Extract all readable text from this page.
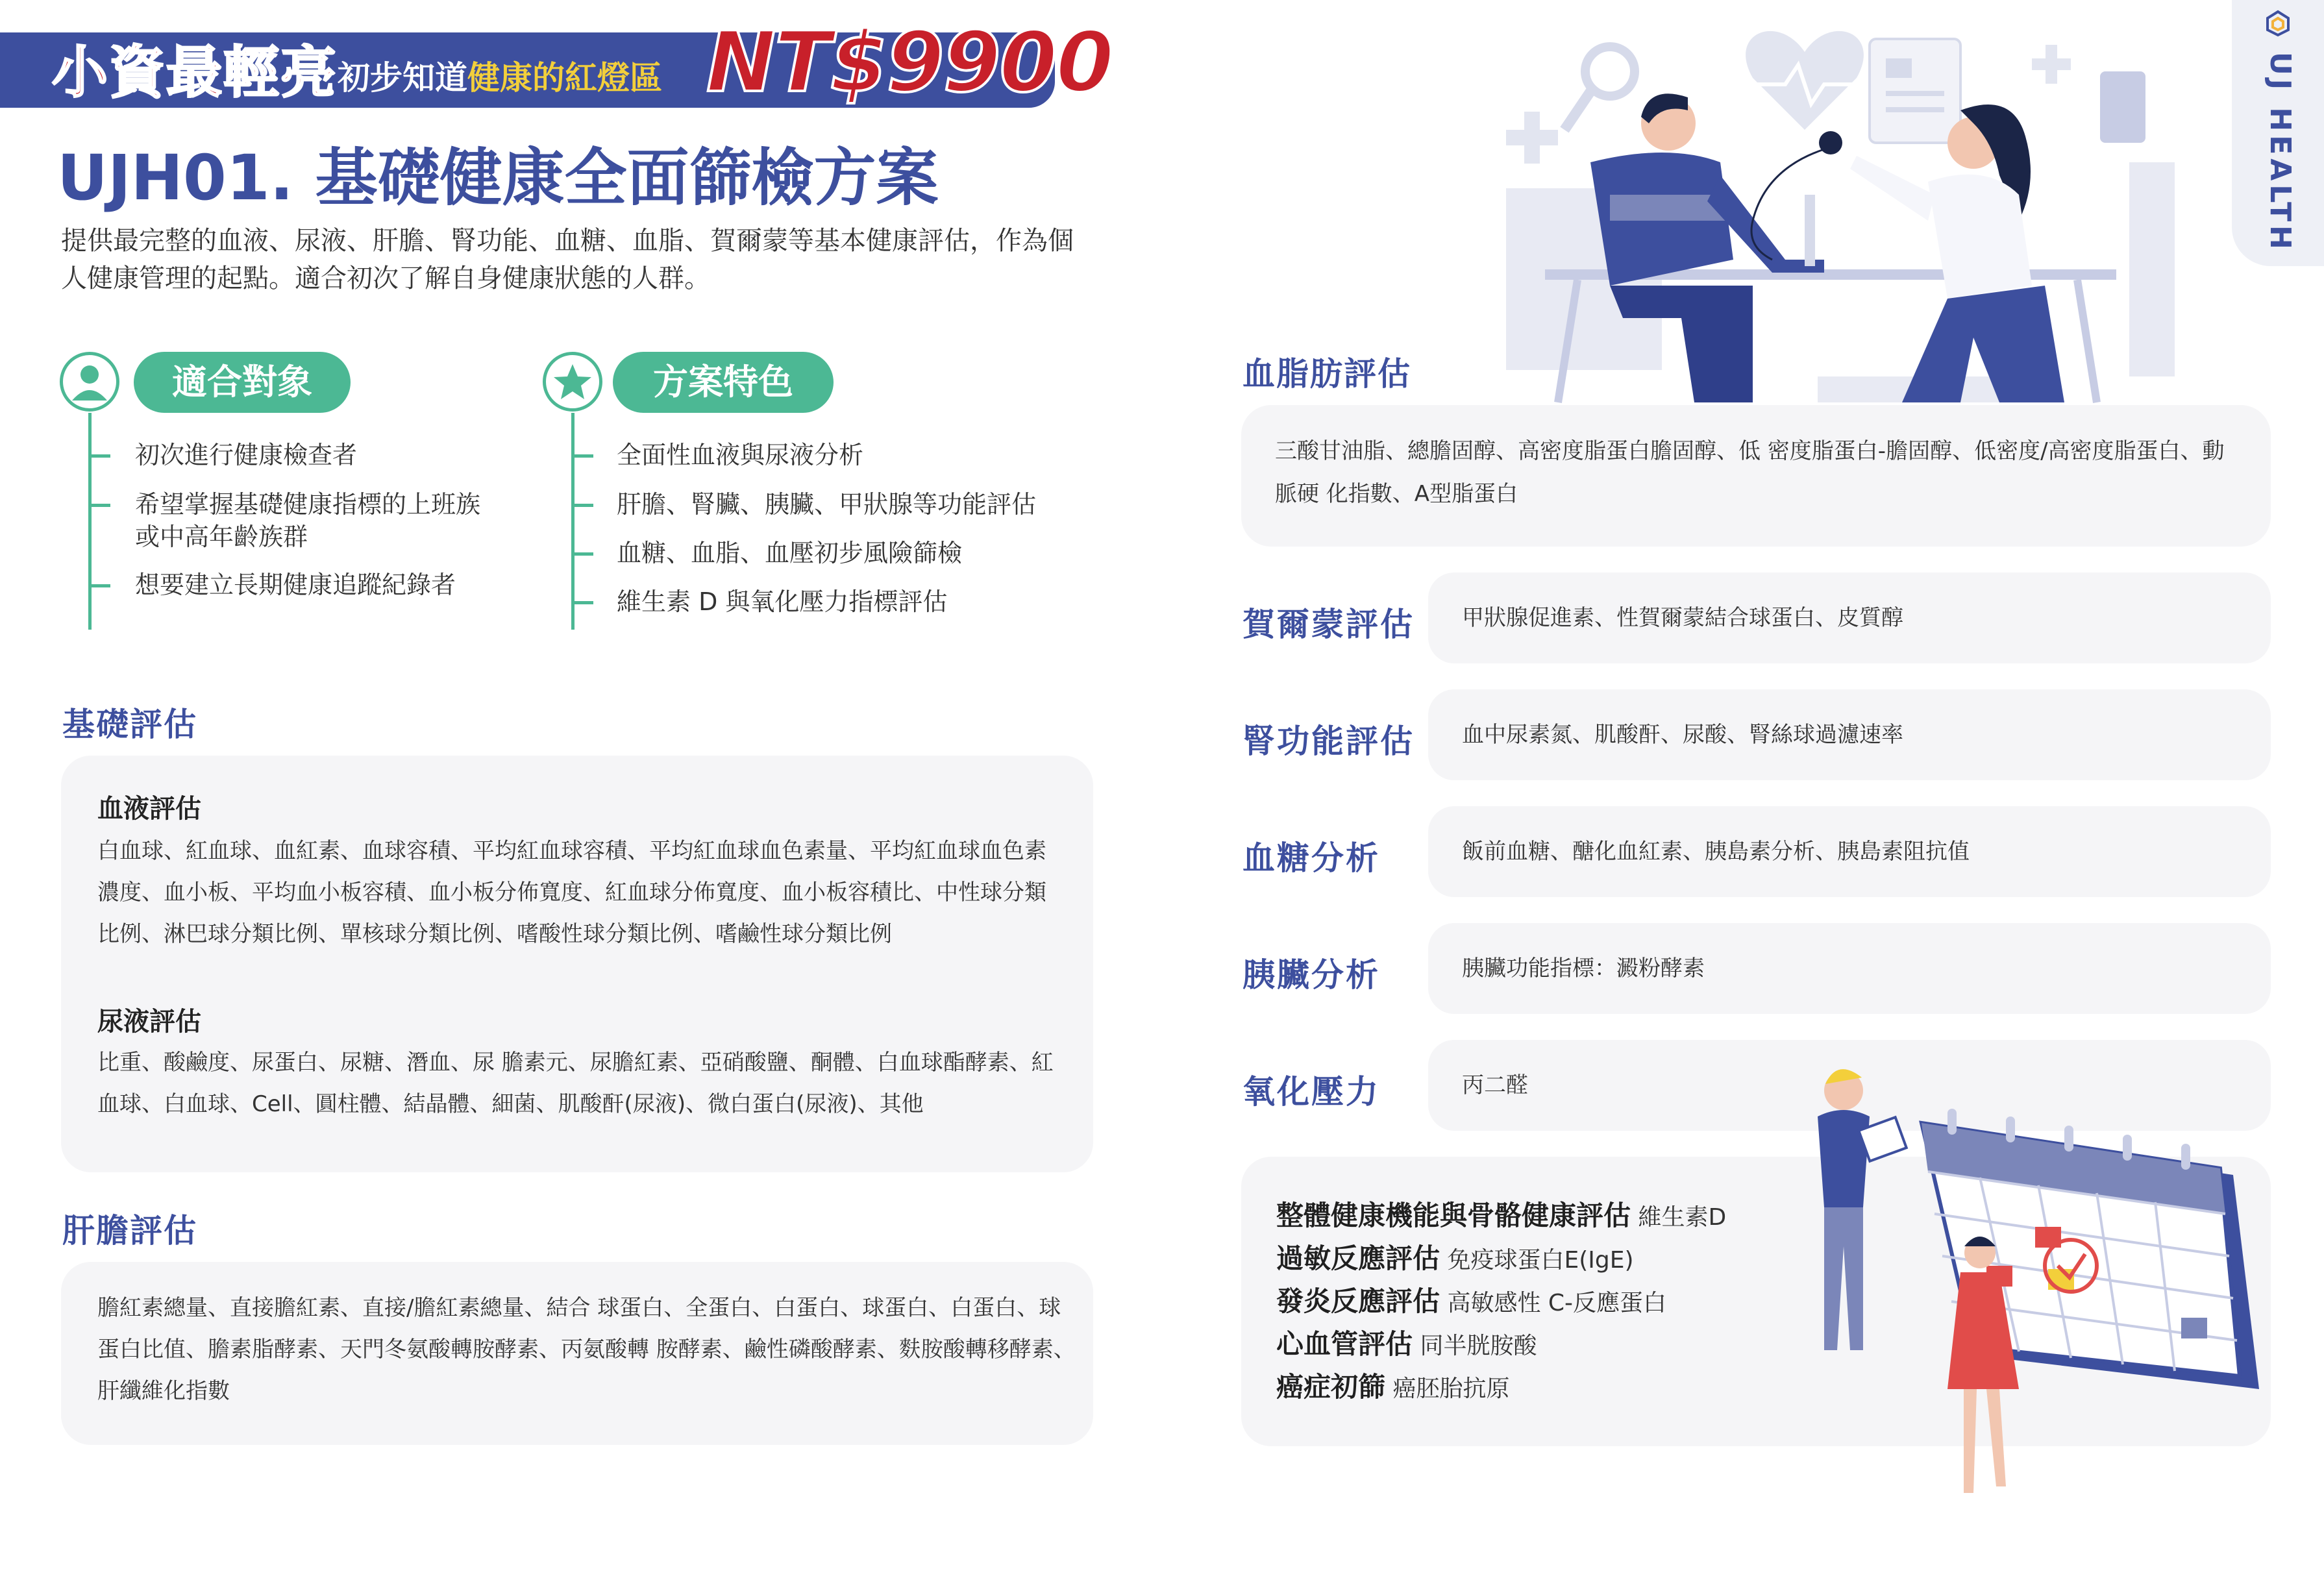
UJ HEALTH
小資最輕亮 初步知道健康的紅燈區 NT$9900
UJH01. 基礎健康全面篩檢方案
提供最完整的血液、尿液、肝膽、腎功能、血糖、血脂、賀爾蒙等基本健康評估，作為個人健康管理的起點。適合初次了解自身健康狀態的人群。
適合對象
初次進行健康檢查者
希望掌握基礎健康指標的上班族或中高年齡族群
想要建立長期健康追蹤紀錄者
方案特色
全面性血液與尿液分析
肝膽、腎臟、胰臟、甲狀腺等功能評估
血糖、血脂、血壓初步風險篩檢
維生素 D 與氧化壓力指標評估
基礎評估
血液評估
白血球、紅血球、血紅素、血球容積、平均紅血球容積、平均紅血球血色素量、平均紅血球血色素
濃度、血小板、平均血小板容積、血小板分佈寬度、紅血球分佈寬度、血小板容積比、中性球分類
比例、淋巴球分類比例、單核球分類比例、嗜酸性球分類比例、嗜鹼性球分類比例
尿液評估
比重、酸鹼度、尿蛋白、尿糖、潛血、尿 膽素元、尿膽紅素、亞硝酸鹽、酮體、白血球酯酵素、紅
血球、白血球、Cell、圓柱體、結晶體、細菌、肌酸酐(尿液)、微白蛋白(尿液)、其他
肝膽評估
膽紅素總量、直接膽紅素、直接/膽紅素總量、結合 球蛋白、全蛋白、白蛋白、球蛋白、白蛋白、球
蛋白比值、膽素脂酵素、天門冬氨酸轉胺酵素、丙氨酸轉 胺酵素、鹼性磷酸酵素、麩胺酸轉移酵素、
肝纖維化指數
血脂肪評估
三酸甘油脂、總膽固醇、高密度脂蛋白膽固醇、低 密度脂蛋白-膽固醇、低密度/高密度脂蛋白、動
脈硬 化指數、A型脂蛋白
賀爾蒙評估	甲狀腺促進素、性賀爾蒙結合球蛋白、皮質醇
腎功能評估	血中尿素氮、肌酸酐、尿酸、腎絲球過濾速率
血糖分析	飯前血糖、醣化血紅素、胰島素分析、胰島素阻抗值
胰臟分析	胰臟功能指標：澱粉酵素
氧化壓力	丙二醛
整體健康機能與骨骼健康評估 維生素D
過敏反應評估 免疫球蛋白E(IgE)
發炎反應評估 高敏感性 C-反應蛋白
心血管評估 同半胱胺酸
癌症初篩 癌胚胎抗原
